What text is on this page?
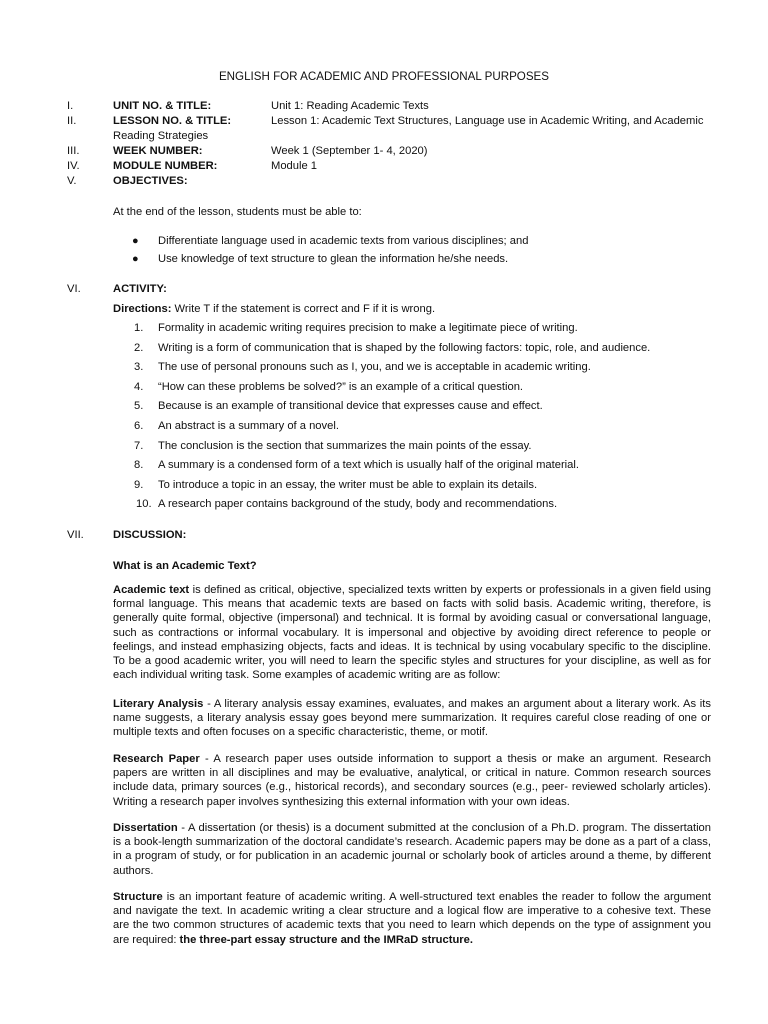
ENGLISH FOR ACADEMIC AND PROFESSIONAL PURPOSES
I.	UNIT NO. & TITLE:	Unit 1: Reading Academic Texts
II.	LESSON NO. & TITLE:	Lesson 1: Academic Text Structures, Language use in Academic Writing, and Academic
Reading Strategies
III.	WEEK NUMBER:	Week 1 (September 1- 4, 2020)
IV.	MODULE NUMBER:	Module 1
V.	OBJECTIVES:
At the end of the lesson, students must be able to:
● Differentiate language used in academic texts from various disciplines; and
● Use knowledge of text structure to glean the information he/she needs.
VI.	ACTIVITY:
Directions: Write T if the statement is correct and F if it is wrong.
1. Formality in academic writing requires precision to make a legitimate piece of writing.
2. Writing is a form of communication that is shaped by the following factors: topic, role, and audience.
3. The use of personal pronouns such as I, you, and we is acceptable in academic writing.
4. “How can these problems be solved?” is an example of a critical question.
5. Because is an example of transitional device that expresses cause and effect.
6. An abstract is a summary of a novel.
7. The conclusion is the section that summarizes the main points of the essay.
8. A summary is a condensed form of a text which is usually half of the original material.
9. To introduce a topic in an essay, the writer must be able to explain its details.
10. A research paper contains background of the study, body and recommendations.
VII.	DISCUSSION:
What is an Academic Text?

Academic text is defined as critical, objective, specialized texts written by experts or professionals in a given field using formal language. This means that academic texts are based on facts with solid basis. Academic writing, therefore, is generally quite formal, objective (impersonal) and technical. It is formal by avoiding casual or conversational language, such as contractions or informal vocabulary. It is impersonal and objective by avoiding direct reference to people or feelings, and instead emphasizing objects, facts and ideas. It is technical by using vocabulary specific to the discipline. To be a good academic writer, you will need to learn the specific styles and structures for your discipline, as well as for each individual writing task. Some examples of academic writing are as follow:

Literary Analysis - A literary analysis essay examines, evaluates, and makes an argument about a literary work. As its name suggests, a literary analysis essay goes beyond mere summarization. It requires careful close reading of one or multiple texts and often focuses on a specific characteristic, theme, or motif.

Research Paper - A research paper uses outside information to support a thesis or make an argument. Research papers are written in all disciplines and may be evaluative, analytical, or critical in nature. Common research sources include data, primary sources (e.g., historical records), and secondary sources (e.g., peer- reviewed scholarly articles). Writing a research paper involves synthesizing this external information with your own ideas.

Dissertation - A dissertation (or thesis) is a document submitted at the conclusion of a Ph.D. program. The dissertation is a book-length summarization of the doctoral candidate’s research. Academic papers may be done as a part of a class, in a program of study, or for publication in an academic journal or scholarly book of articles around a theme, by different authors.

Structure is an important feature of academic writing. A well-structured text enables the reader to follow the argument and navigate the text. In academic writing a clear structure and a logical flow are imperative to a cohesive text. These are the two common structures of academic texts that you need to learn which depends on the type of assignment you are required: the three-part essay structure and the IMRaD structure.
